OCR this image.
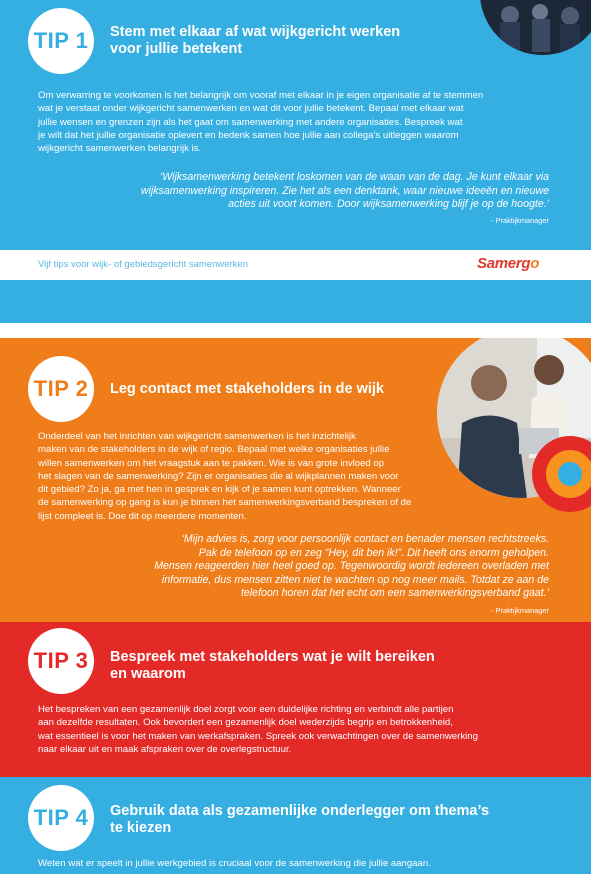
TIP 1	Stem met elkaar af wat wijkgericht werken
voor jullie betekent
Om verwarring te voorkomen is het belangrijk om vooraf met elkaar in je eigen organisatie af te stemmen
wat je verstaat onder wijkgericht samenwerken en wat dit voor jullie betekent. Bepaal met elkaar wat
jullie wensen en grenzen zijn als het gaat om samenwerking met andere organisaties. Bespreek wat
je wilt dat het jullie organisatie oplevert en bedenk samen hoe jullie aan collega’s uitleggen waarom
wijkgericht samenwerken belangrijk is.
‘Wijksamenwerking betekent loskomen van de waan van de dag. Je kunt elkaar via
wijksamenwerking inspireren. Zie het als een denktank, waar nieuwe ideeën en nieuwe
acties uit voort komen. Door wijksamenwerking blijf je op de hoogte.’
- Praktijkmanager
Vijf tips voor wijk- of gebiedsgericht samenwerken	Samergo
TIP 2	Leg contact met stakeholders in de wijk
Onderdeel van het inrichten van wijkgericht samenwerken is het inzichtelijk
maken van de stakeholders in de wijk of regio. Bepaal met welke organisaties jullie
willen samenwerken om het vraagstuk aan te pakken. Wie is van grote invloed op
het slagen van de samenwerking? Zijn er organisaties die al wijkplannen maken voor
dit gebied? Zo ja, ga met hen in gesprek en kijk of je samen kunt optrekken. Wanneer
de samenwerking op gang is kun je binnen het samenwerkingsverband bespreken of de
lijst compleet is. Doe dit op meerdere momenten.
‘Mijn advies is, zorg voor persoonlijk contact en benader mensen rechtstreeks.
Pak de telefoon op en zeg “Hey, dit ben ik!”. Dit heeft ons enorm geholpen.
Mensen reageerden hier heel goed op. Tegenwoordig wordt iedereen overladen met
informatie, dus mensen zitten niet te wachten op nog meer mails. Totdat ze aan de
telefoon horen dat het echt om een samenwerkingsverband gaat.’
- Praktijkmanager
TIP 3	Bespreek met stakeholders wat je wilt bereiken
en waarom
Het bespreken van een gezamenlijk doel zorgt voor een duidelijke richting en verbindt alle partijen
aan dezelfde resultaten. Ook bevordert een gezamenlijk doel wederzijds begrip en betrokkenheid,
wat essentieel is voor het maken van werkafspraken. Spreek ook verwachtingen over de samenwerking
naar elkaar uit en maak afspraken over de overlegstructuur.
TIP 4	Gebruik data als gezamenlijke onderlegger om thema’s
te kiezen
Weten wat er speelt in jullie werkgebied is cruciaal voor de samenwerking die jullie aangaan.
